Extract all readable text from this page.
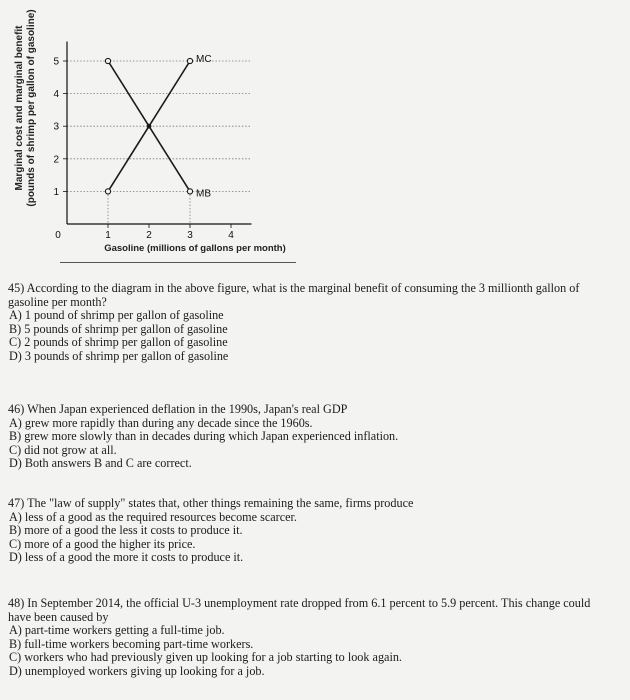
Marginal cost and marginal benefit (pounds of shrimp per gallon of gasoline) 1
2
3
4
5
1	2	3	4
0
MC
MB
Gasoline (millions of gallons per month)
45) According to the diagram in the above figure, what is the marginal benefit of consuming the 3 millionth gallon of
gasoline per month?
A) 1 pound of shrimp per gallon of gasoline
B) 5 pounds of shrimp per gallon of gasoline
C) 2 pounds of shrimp per gallon of gasoline
D) 3 pounds of shrimp per gallon of gasoline
46) When Japan experienced deflation in the 1990s, Japan's real GDP
A) grew more rapidly than during any decade since the 1960s.
B) grew more slowly than in decades during which Japan experienced inflation.
C) did not grow at all.
D) Both answers B and C are correct.
47) The "law of supply" states that, other things remaining the same, firms produce
A) less of a good as the required resources become scarcer.
B) more of a good the less it costs to produce it.
C) more of a good the higher its price.
D) less of a good the more it costs to produce it.
48) In September 2014, the official U-3 unemployment rate dropped from 6.1 percent to 5.9 percent. This change could
have been caused by
A) part-time workers getting a full-time job.
B) full-time workers becoming part-time workers.
C) workers who had previously given up looking for a job starting to look again.
D) unemployed workers giving up looking for a job.
